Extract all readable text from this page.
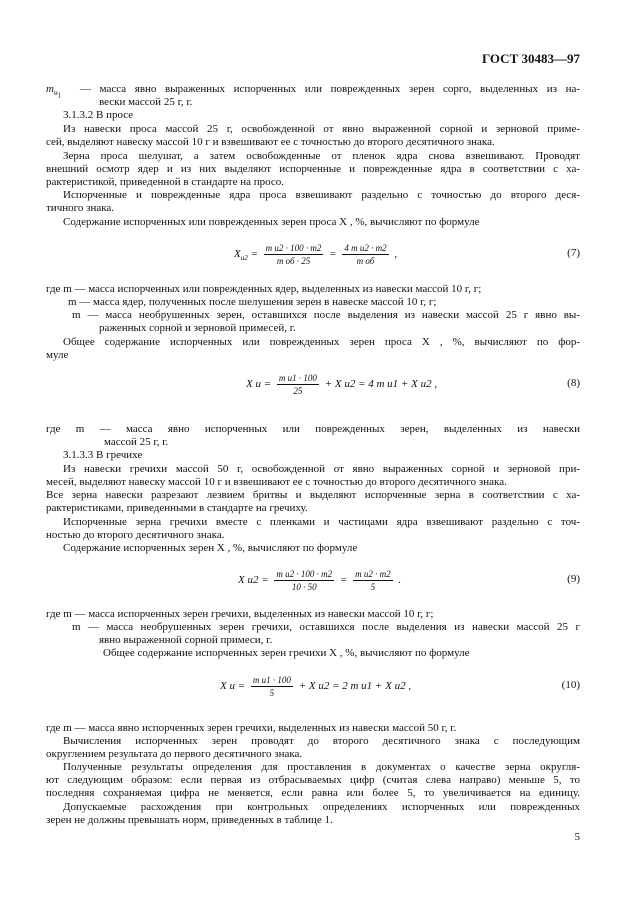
ГОСТ 30483—97
$m_{и_1}$
— масса явно выраженных испорченных или поврежденных зерен сорго, выделенных из на-
вески массой 25 г, г.
3.1.3.2 В просе
Из навески проса массой 25 г, освобожденной от явно выраженной сорной и зерновой приме-
сей, выделяют навеску массой 10 г и взвешивают ее с точностью до второго десятичного знака.
Зерна проса шелушат, а затем освобожденные от пленок ядра снова взвешивают. Проводят
внешний осмотр ядер и из них выделяют испорченные и поврежденные ядра в соответствии с ха-
рактеристикой, приведенной в стандарте на просо.
Испорченные и поврежденные ядра проса взвешивают раздельно с точностью до второго деся-
тичного знака.
Содержание испорченных или поврежденных зерен проса X , %, вычисляют по формуле
$X_{и2} = \frac{\text{m и2 · 100 · m2}}{\text{m об · 25}} = \frac{\text{4 m и2 · m2}}{\text{m об}}$ ,	(7)
где m — масса испорченных или поврежденных ядер, выделенных из навески массой 10 г, г;
m — масса ядер, полученных после шелушения зерен в навеске массой 10 г, г;
m — масса необрушенных зерен, оставшихся после выделения из навески массой 25 г явно вы-
раженных сорной и зерновой примесей, г.
Общее содержание испорченных или поврежденных зерен проса X , %, вычисляют по фор-
муле
X $и = \frac{\text{m и1 · 100}}{25} + X$ и2 = 4 m и1 + X и2 ,	(8)
где m — масса явно испорченных или поврежденных зерен, выделенных из навески
массой 25 г, г.
3.1.3.3 В гречихе
Из навески гречихи массой 50 г, освобожденной от явно выраженных сорной и зерновой при-
месей, выделяют навеску массой 10 г и взвешивают ее с точностью до второго десятичного знака.
Все зерна навески разрезают лезвием бритвы и выделяют испорченные зерна в соответствии с ха-
рактеристиками, приведенными в стандарте на гречиху.
Испорченные зерна гречихи вместе с пленками и частицами ядра взвешивают раздельно с точ-
ностью до второго десятичного знака.
Содержание испорченных зерен X , %, вычисляют по формуле
X $и2 = \frac{\text{m и2 · 100 · m2}}{10 \cdot 50} = \frac{\text{m и2 · m2}}{5}$ .	(9)
где m — масса испорченных зерен гречихи, выделенных из навески массой 10 г, г;
m — масса необрушенных зерен гречихи, оставшихся после выделения из навески массой 25 г
явно выраженной сорной примеси, г.
Общее содержание испорченных зерен гречихи X , %, вычисляют по формуле
X $и = \frac{\text{m и1 · 100}}{5} + X$ и2 = 2 m и1 + X и2 ,	(10)
где m — масса явно испорченных зерен гречихи, выделенных из навески массой 50 г, г.
Вычисления испорченных зерен проводят до второго десятичного знака с последующим
округлением результата до первого десятичного знака.
Полученные результаты определения для проставления в документах о качестве зерна округля-
ют следующим образом: если первая из отбрасываемых цифр (считая слева направо) меньше 5, то
последняя сохраняемая цифра не меняется, если равна или более 5, то увеличивается на единицу.
Допускаемые расхождения при контрольных определениях испорченных или поврежденных
зерен не должны превышать норм, приведенных в таблице 1.
5
